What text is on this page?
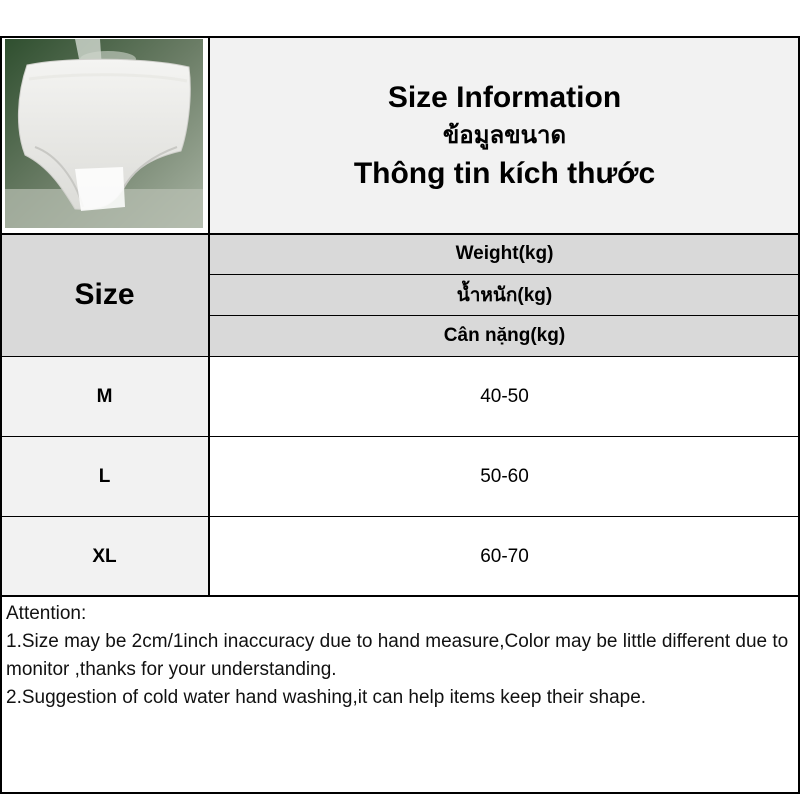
Size Information
ข้อมูลขนาด
Thông tin kích thước
Size
Weight(kg)
น้ำหนัก(kg)
Cân nặng(kg)
M	40-50
L	50-60
XL	60-70
Attention:
1.Size may be 2cm/1inch inaccuracy due to hand measure,Color may be little different due to monitor ,thanks for your understanding.
2.Suggestion of cold water hand washing,it can help items keep their shape.
